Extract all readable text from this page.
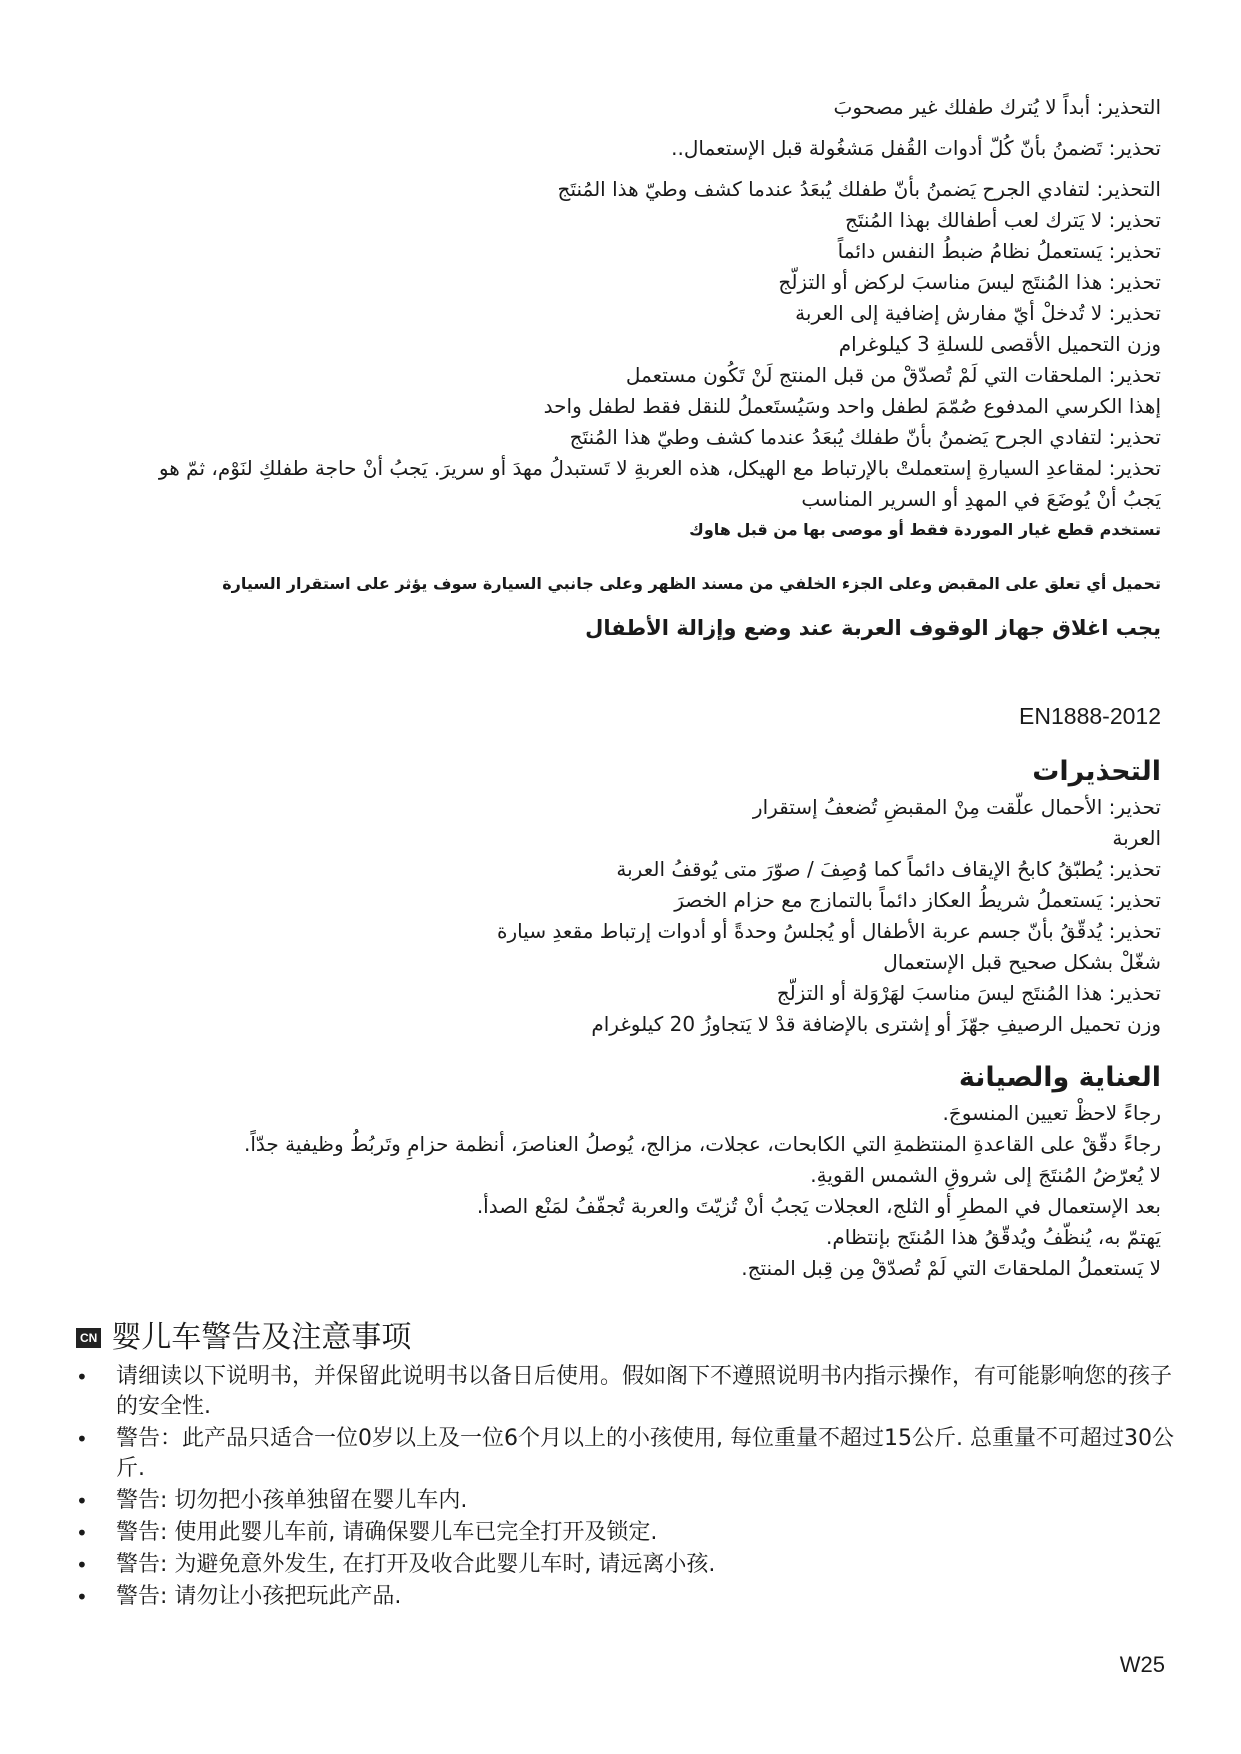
التحذير: أبداً لا يُترك طفلك غير مصحوبَ
تحذير: تَضمنُ بأنّ كُلّ أدوات القُفل مَشغُولة قبل الإستعمال..
التحذير: لتفادي الجرح يَضمنُ بأنّ طفلك يُبعَدُ عندما كشف وطيّ هذا المُنتَج
تحذير: لا يَترك لعب أطفالك بهذا المُنتَج
تحذير: يَستعملُ نظامُ ضبطُ النفس دائماً
تحذير: هذا المُنتَج ليسَ مناسبَ لركض أو التزلّج
تحذير: لا تُدخلْ أيّ مفارش إضافية إلى العربة
وزن التحميل الأقصى للسلةِ 3 كيلوغرام
تحذير: الملحقات التي لَمْ تُصدّقْ من قبل المنتج لَنْ تَكُون مستعمل
إهذا الكرسي المدفوع صُمّمَ لطفل واحد وسَيُستَعملُ للنقل فقط لطفل واحد
تحذير: لتفادي الجرح يَضمنُ بأنّ طفلك يُبعَدُ عندما كشف وطيّ هذا المُنتَج
تحذير: لمقاعدِ السيارةِ إستعملتْ بالإرتباط مع الهيكل، هذه العربةِ لا تَستبدلُ مهدَ أو سريرَ. يَجبُ أنْ حاجة طفلكِ لنَوْم، ثمّ هو
يَجبُ أنْ يُوضَعَ في المهدِ أو السرير المناسب
تستخدم قطع غيار الموردة فقط أو موصى بها من قبل هاوك
تحميل أي تعلق على المقبض وعلى الجزء الخلفي من مسند الظهر وعلى جانبي السيارة سوف يؤثر على استقرار السيارة
يجب اغلاق جهاز الوقوف العربة عند وضع وإزالة الأطفال
EN1888-2012
التحذيرات
تحذير: الأحمال علّقت مِنْ المقبضِ تُضعفُ إستقرار
العربة
تحذير: يُطبّقُ كابحُ الإيقاف دائماً كما وُصِفَ / صوّرَ متى يُوقفُ العربة
تحذير: يَستعملُ شريطُ العكاز دائماً بالتمازج مع حزام الخصرَ
تحذير: يُدقّقُ بأنّ جسم عربة الأطفال أو يُجلسُ وحدةً أو أدوات إرتباط مقعدِ سيارة
شغّلْ بشكل صحيح قبل الإستعمال
تحذير: هذا المُنتَج ليسَ مناسبَ لهَرْوَلة أو التزلّج
وزن تحميل الرصيفِ جهّزَ أو إشترى بالإضافة قدْ لا يَتجاوزُ 20 كيلوغرام
العناية والصيانة
رجاءً لاحظْ تعيين المنسوجَ.
رجاءً دقّقْ على القاعدةِ المنتظمةِ التي الكابحات، عجلات، مزالج، يُوصلُ العناصرَ، أنظمة حزامِ وتَربُطُ وظيفية جدّاً.
لا يُعرّضُ المُنتَجَ إلى شروقِ الشمس القويةِ.
بعد الإستعمال في المطرِ أو الثلج، العجلات يَجبُ أنْ تُزيّتَ والعربة تُجفّفُ لمَنْع الصدأ.
يَهتمّ به، يُنظّفُ ويُدقّقُ هذا المُنتَج بإنتظام.
لا يَستعملُ الملحقاتَ التي لَمْ تُصدّقْ مِن قِبل المنتج.
CN 婴儿车警告及注意事项
• 请细读以下说明书，并保留此说明书以备日后使用。假如阁下不遵照说明书内指示操作，有可能影响您的孩子的安全性.
• 警告：此产品只适合一位0岁以上及一位6个月以上的小孩使用, 每位重量不超过15公斤. 总重量不可超过30公斤.
• 警告: 切勿把小孩单独留在婴儿车内.
• 警告: 使用此婴儿车前, 请确保婴儿车已完全打开及锁定.
• 警告: 为避免意外发生, 在打开及收合此婴儿车时, 请远离小孩.
• 警告: 请勿让小孩把玩此产品.
W25
